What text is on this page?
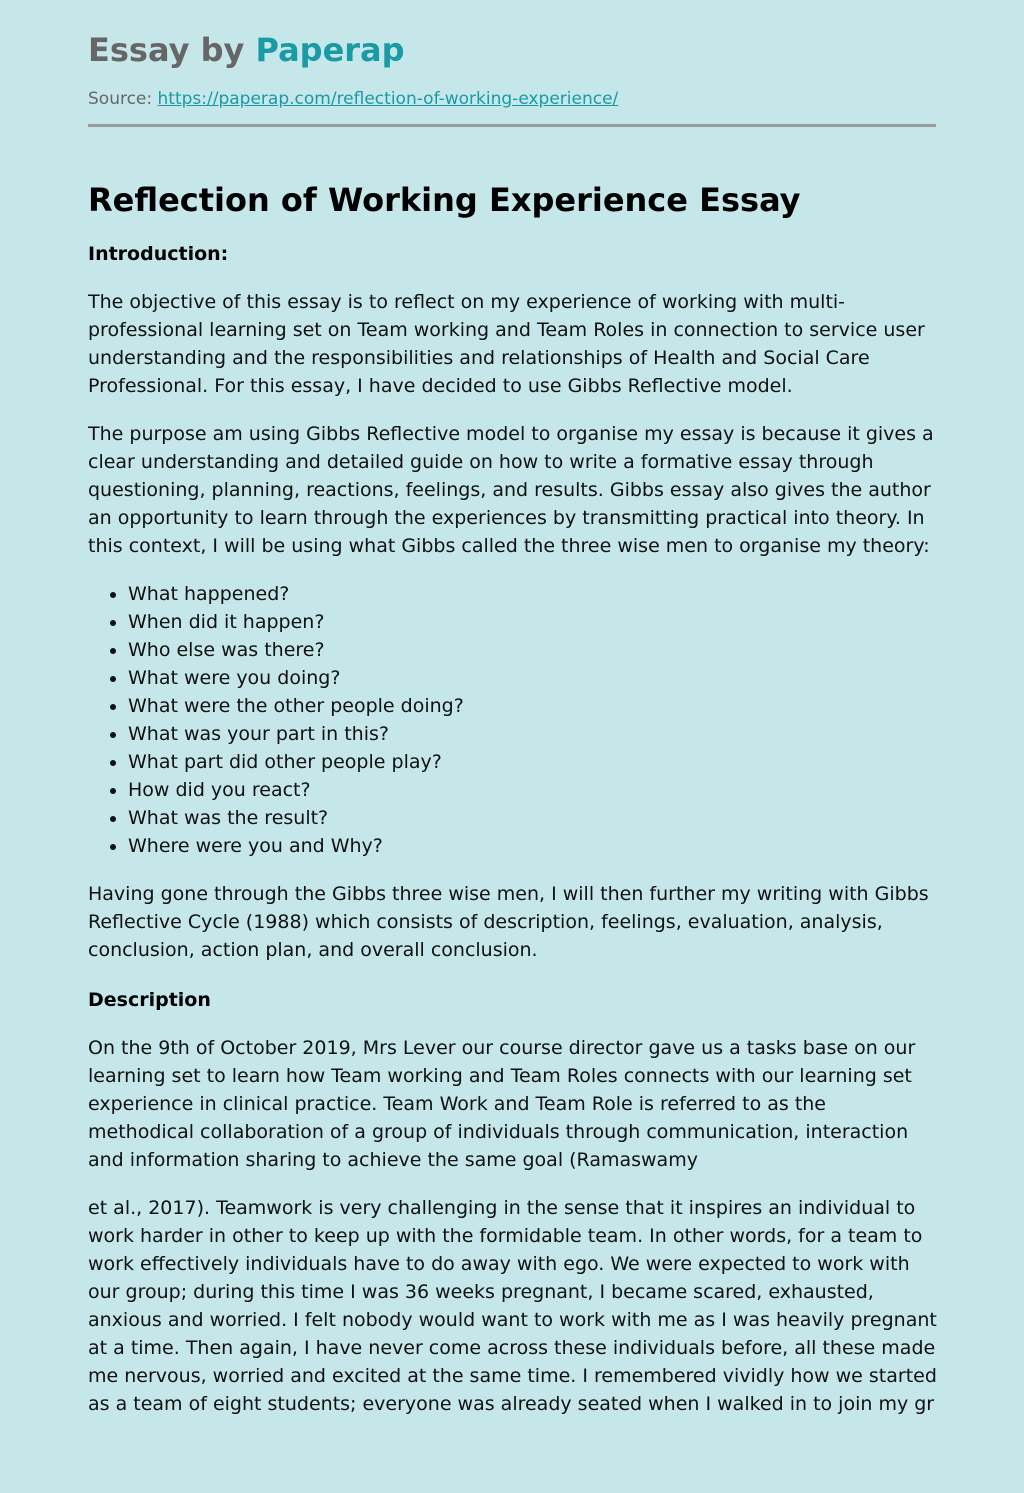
Essay by Paperap
Source: https://paperap.com/reflection-of-working-experience/
Reflection of Working Experience Essay
Introduction:

The objective of this essay is to reflect on my experience of working with multi-professional learning set on Team working and Team Roles in connection to service user understanding and the responsibilities and relationships of Health and Social Care Professional. For this essay, I have decided to use Gibbs Reflective model.

The purpose am using Gibbs Reflective model to organise my essay is because it gives a clear understanding and detailed guide on how to write a formative essay through questioning, planning, reactions, feelings, and results. Gibbs essay also gives the author an opportunity to learn through the experiences by transmitting practical into theory. In this context, I will be using what Gibbs called the three wise men to organise my theory:

• What happened?
• When did it happen?
• Who else was there?
• What were you doing?
• What were the other people doing?
• What was your part in this?
• What part did other people play?
• How did you react?
• What was the result?
• Where were you and Why?

Having gone through the Gibbs three wise men, I will then further my writing with Gibbs Reflective Cycle (1988) which consists of description, feelings, evaluation, analysis, conclusion, action plan, and overall conclusion.

Description

On the 9th of October 2019, Mrs Lever our course director gave us a tasks base on our learning set to learn how Team working and Team Roles connects with our learning set experience in clinical practice. Team Work and Team Role is referred to as the methodical collaboration of a group of individuals through communication, interaction and information sharing to achieve the same goal (Ramaswamy

et al., 2017). Teamwork is very challenging in the sense that it inspires an individual to work harder in other to keep up with the formidable team. In other words, for a team to work effectively individuals have to do away with ego. We were expected to work with our group; during this time I was 36 weeks pregnant, I became scared, exhausted, anxious and worried. I felt nobody would want to work with me as I was heavily pregnant at a time. Then again, I have never come across these individuals before, all these made me nervous, worried and excited at the same time. I remembered vividly how we started as a team of eight students; everyone was already seated when I walked in to join my gr
